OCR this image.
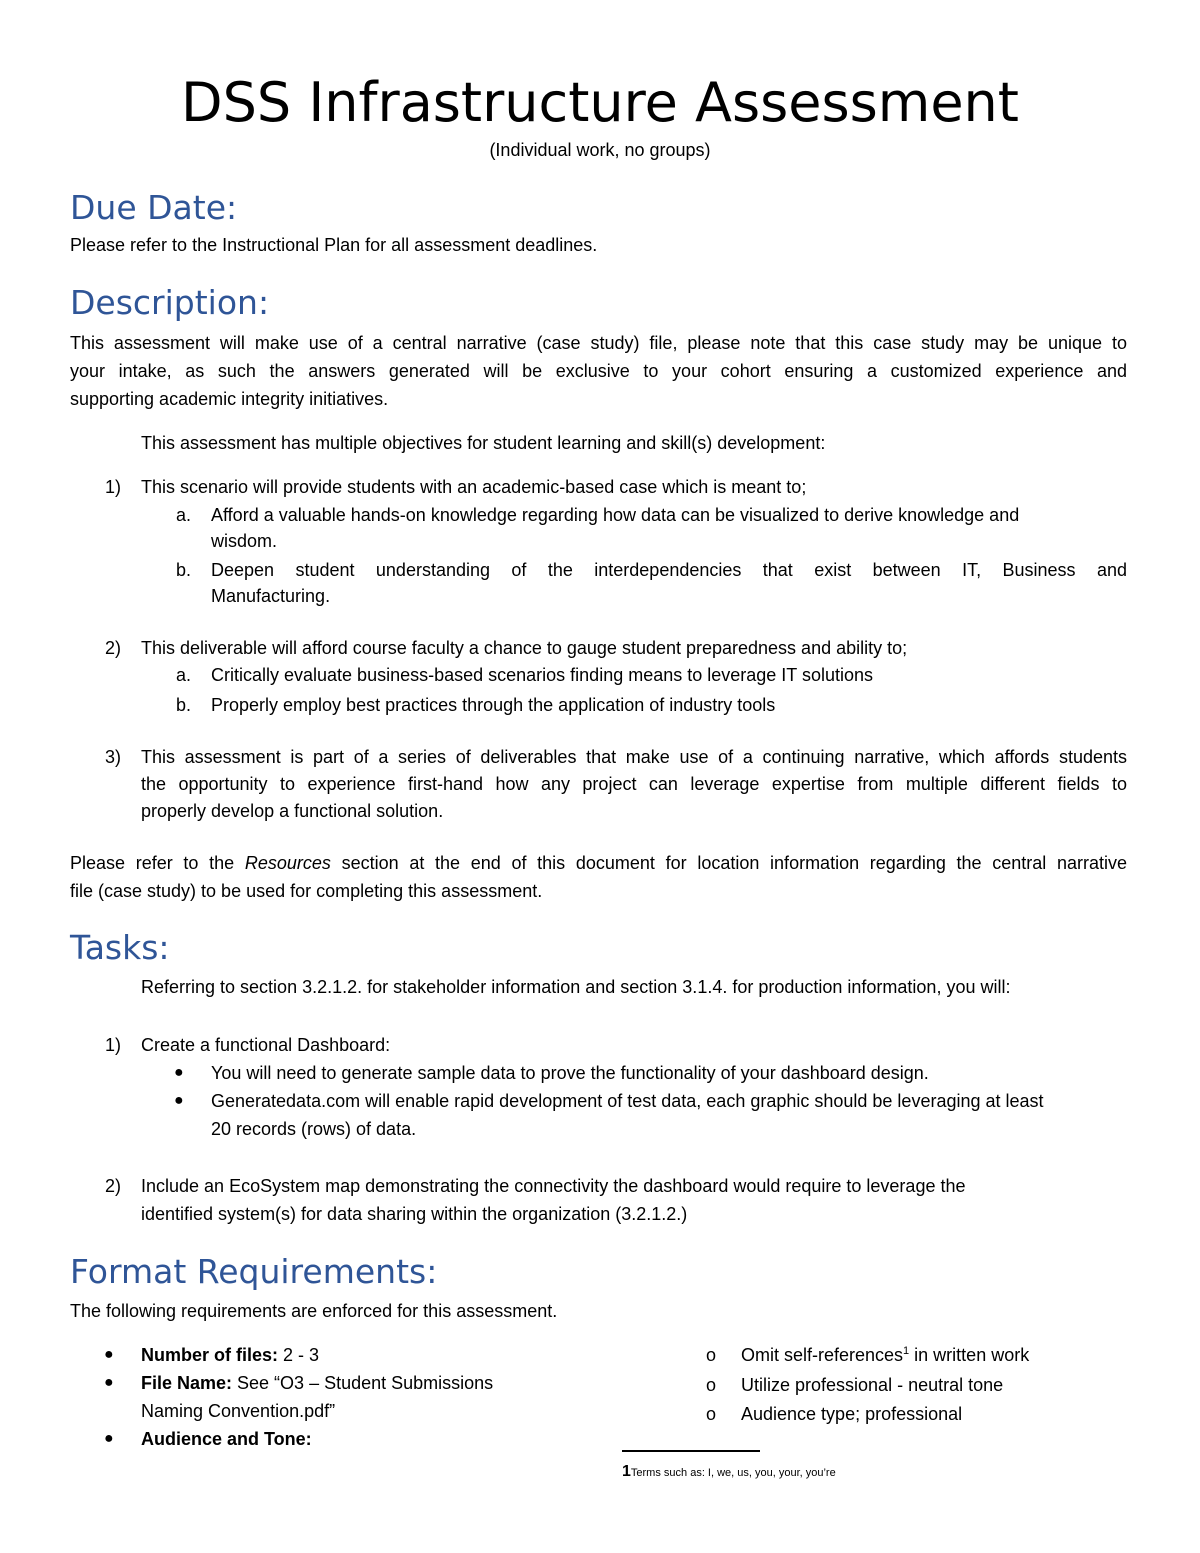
DSS Infrastructure Assessment
(Individual work, no groups)
Due Date:
Please refer to the Instructional Plan for all assessment deadlines.
Description:
This assessment will make use of a central narrative (case study) file, please note that this case study may be unique to
your intake, as such the answers generated will be exclusive to your cohort ensuring a customized experience and
supporting academic integrity initiatives.
This assessment has multiple objectives for student learning and skill(s) development:
1) This scenario will provide students with an academic-based case which is meant to;
a. Afford a valuable hands-on knowledge regarding how data can be visualized to derive knowledge and
wisdom.
b. Deepen student understanding of the interdependencies that exist between IT, Business and
Manufacturing.
2) This deliverable will afford course faculty a chance to gauge student preparedness and ability to;
a. Critically evaluate business-based scenarios finding means to leverage IT solutions
b. Properly employ best practices through the application of industry tools
3) This assessment is part of a series of deliverables that make use of a continuing narrative, which affords students
the opportunity to experience first-hand how any project can leverage expertise from multiple different fields to
properly develop a functional solution.
Please refer to the Resources section at the end of this document for location information regarding the central narrative
file (case study) to be used for completing this assessment.
Tasks:
Referring to section 3.2.1.2. for stakeholder information and section 3.1.4. for production information, you will:
1) Create a functional Dashboard:
● You will need to generate sample data to prove the functionality of your dashboard design.
● Generatedata.com will enable rapid development of test data, each graphic should be leveraging at least
20 records (rows) of data.
2) Include an EcoSystem map demonstrating the connectivity the dashboard would require to leverage the
identified system(s) for data sharing within the organization (3.2.1.2.)
Format Requirements:
The following requirements are enforced for this assessment.
● Number of files: 2 - 3
● File Name: See “O3 – Student Submissions
Naming Convention.pdf”
● Audience and Tone:
o Omit self-references$^1$ in written work
o Utilize professional - neutral tone
o Audience type; professional
1Terms such as: I, we, us, you, your, you’re
